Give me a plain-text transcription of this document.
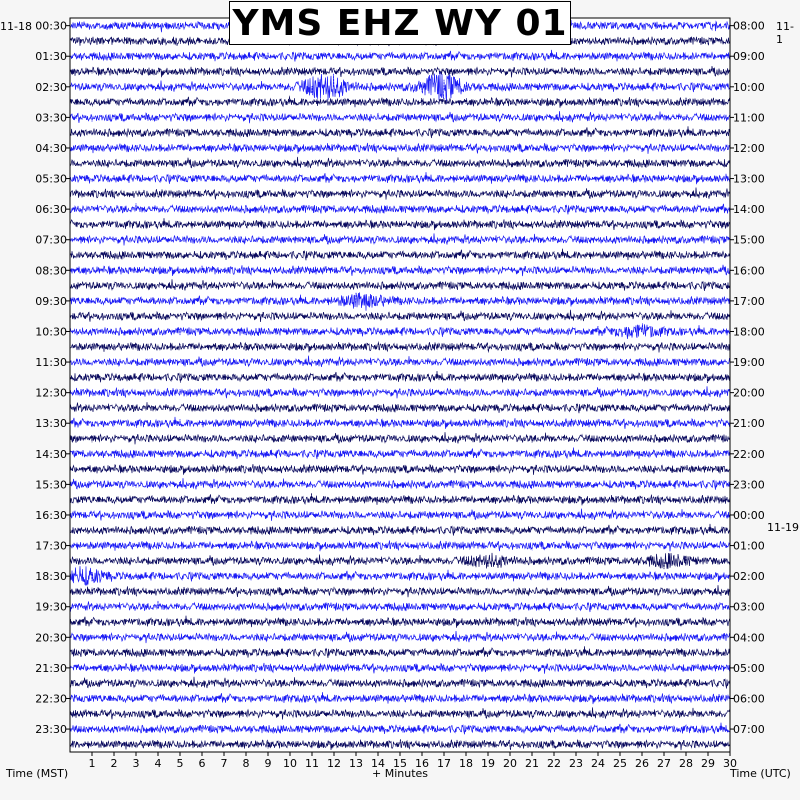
00:30
01:30
02:30
03:30
04:30
05:30
06:30
07:30
08:30
09:30
10:30
11:30
12:30
13:30
14:30
15:30
16:30
17:30
18:30
19:30
20:30
21:30
22:30
23:30
08:00
09:00
10:00
11:00
12:00
13:00
14:00
15:00
16:00
17:00
18:00
19:00
20:00
21:00
22:00
23:00
00:00
01:00
02:00
03:00
04:00
05:00
06:00
07:00
1 2 3 4 5 6 7 8 9 10 11 12 13 14 15 16 17 18 19 20 21 22 23 24 25 26 27 28 29 30
YMS EHZ WY 01
11-18	11-1
11-19
Time (MST)	+ Minutes	Time (UTC)
